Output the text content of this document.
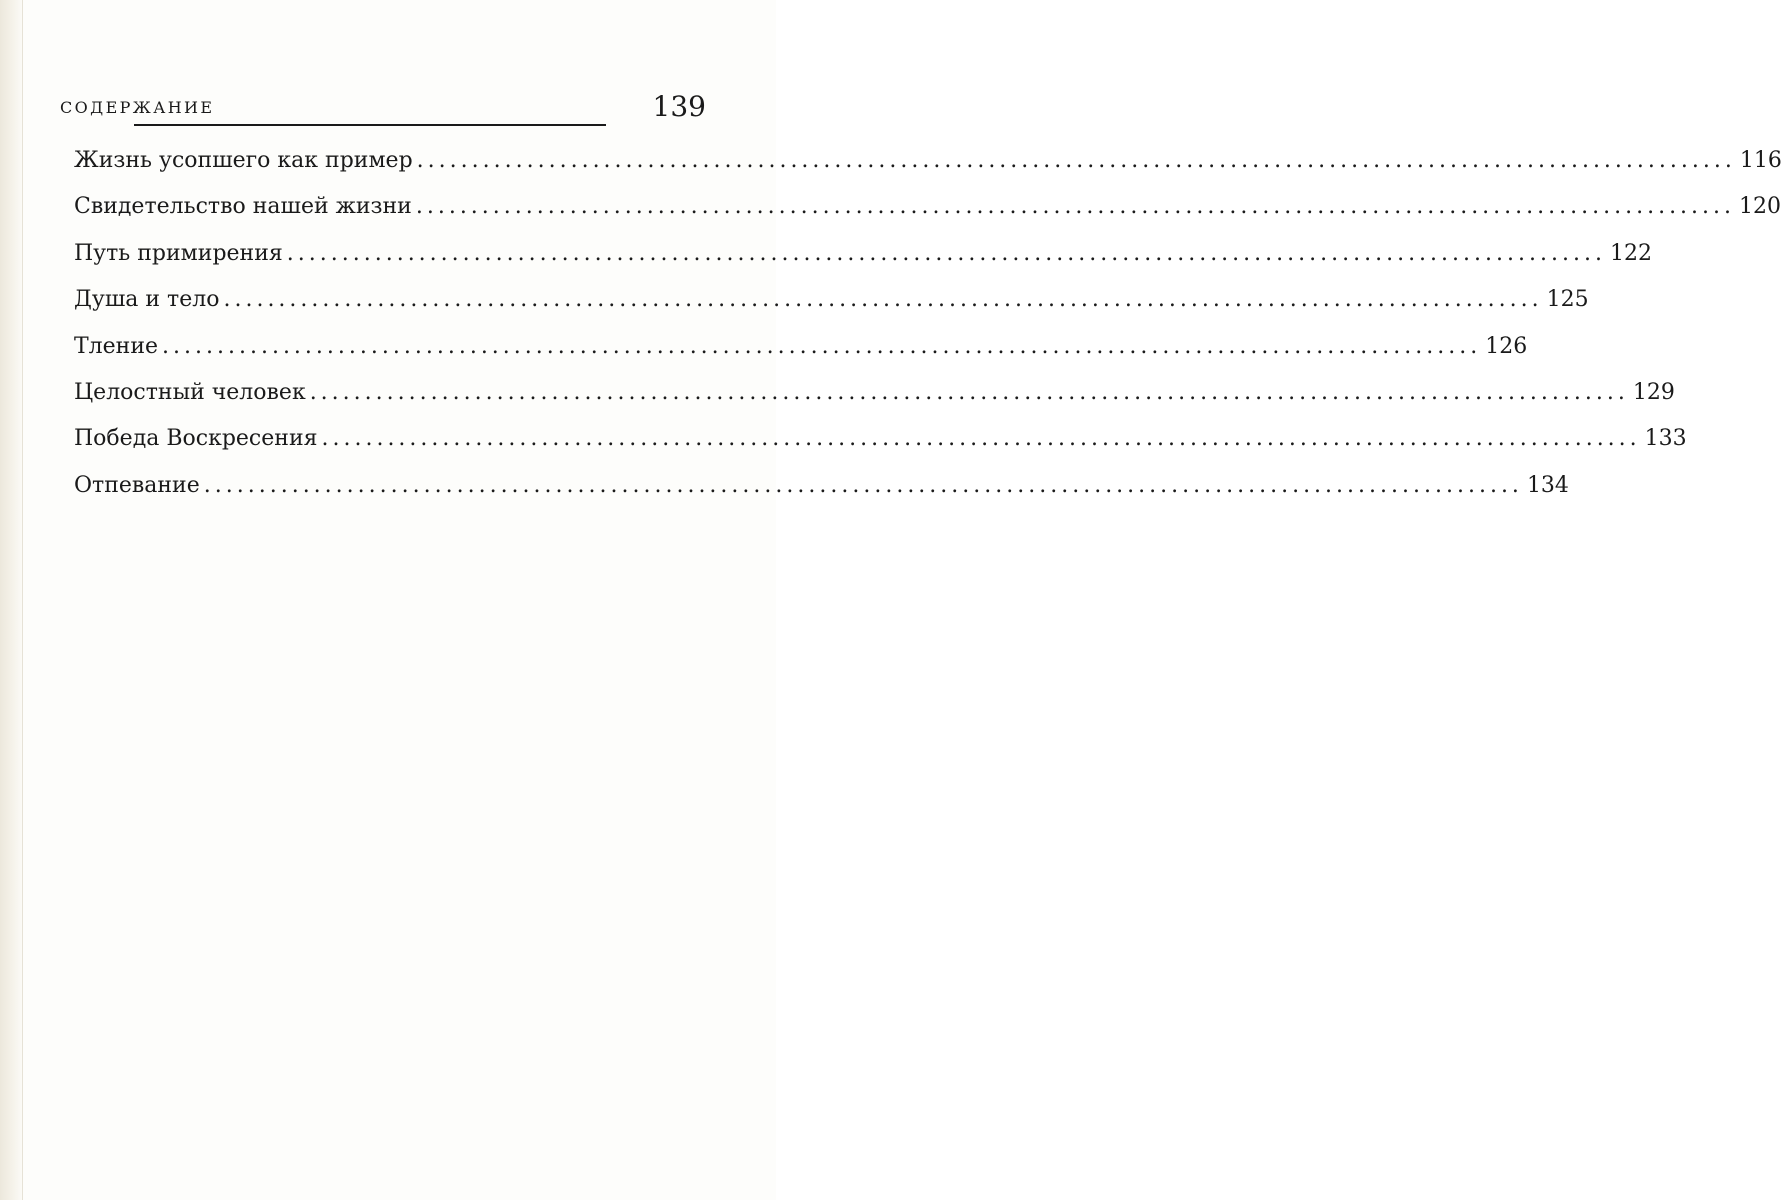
СОДЕРЖАНИЕ	139
Жизнь усопшего как пример ........................................................................................................................ 116
Свидетельство нашей жизни ........................................................................................................................ 120
Путь примирения ........................................................................................................................ 122
Душа и тело ........................................................................................................................ 125
Тление ........................................................................................................................ 126
Целостный человек ........................................................................................................................ 129
Победа Воскресения ........................................................................................................................ 133
Отпевание ........................................................................................................................ 134
